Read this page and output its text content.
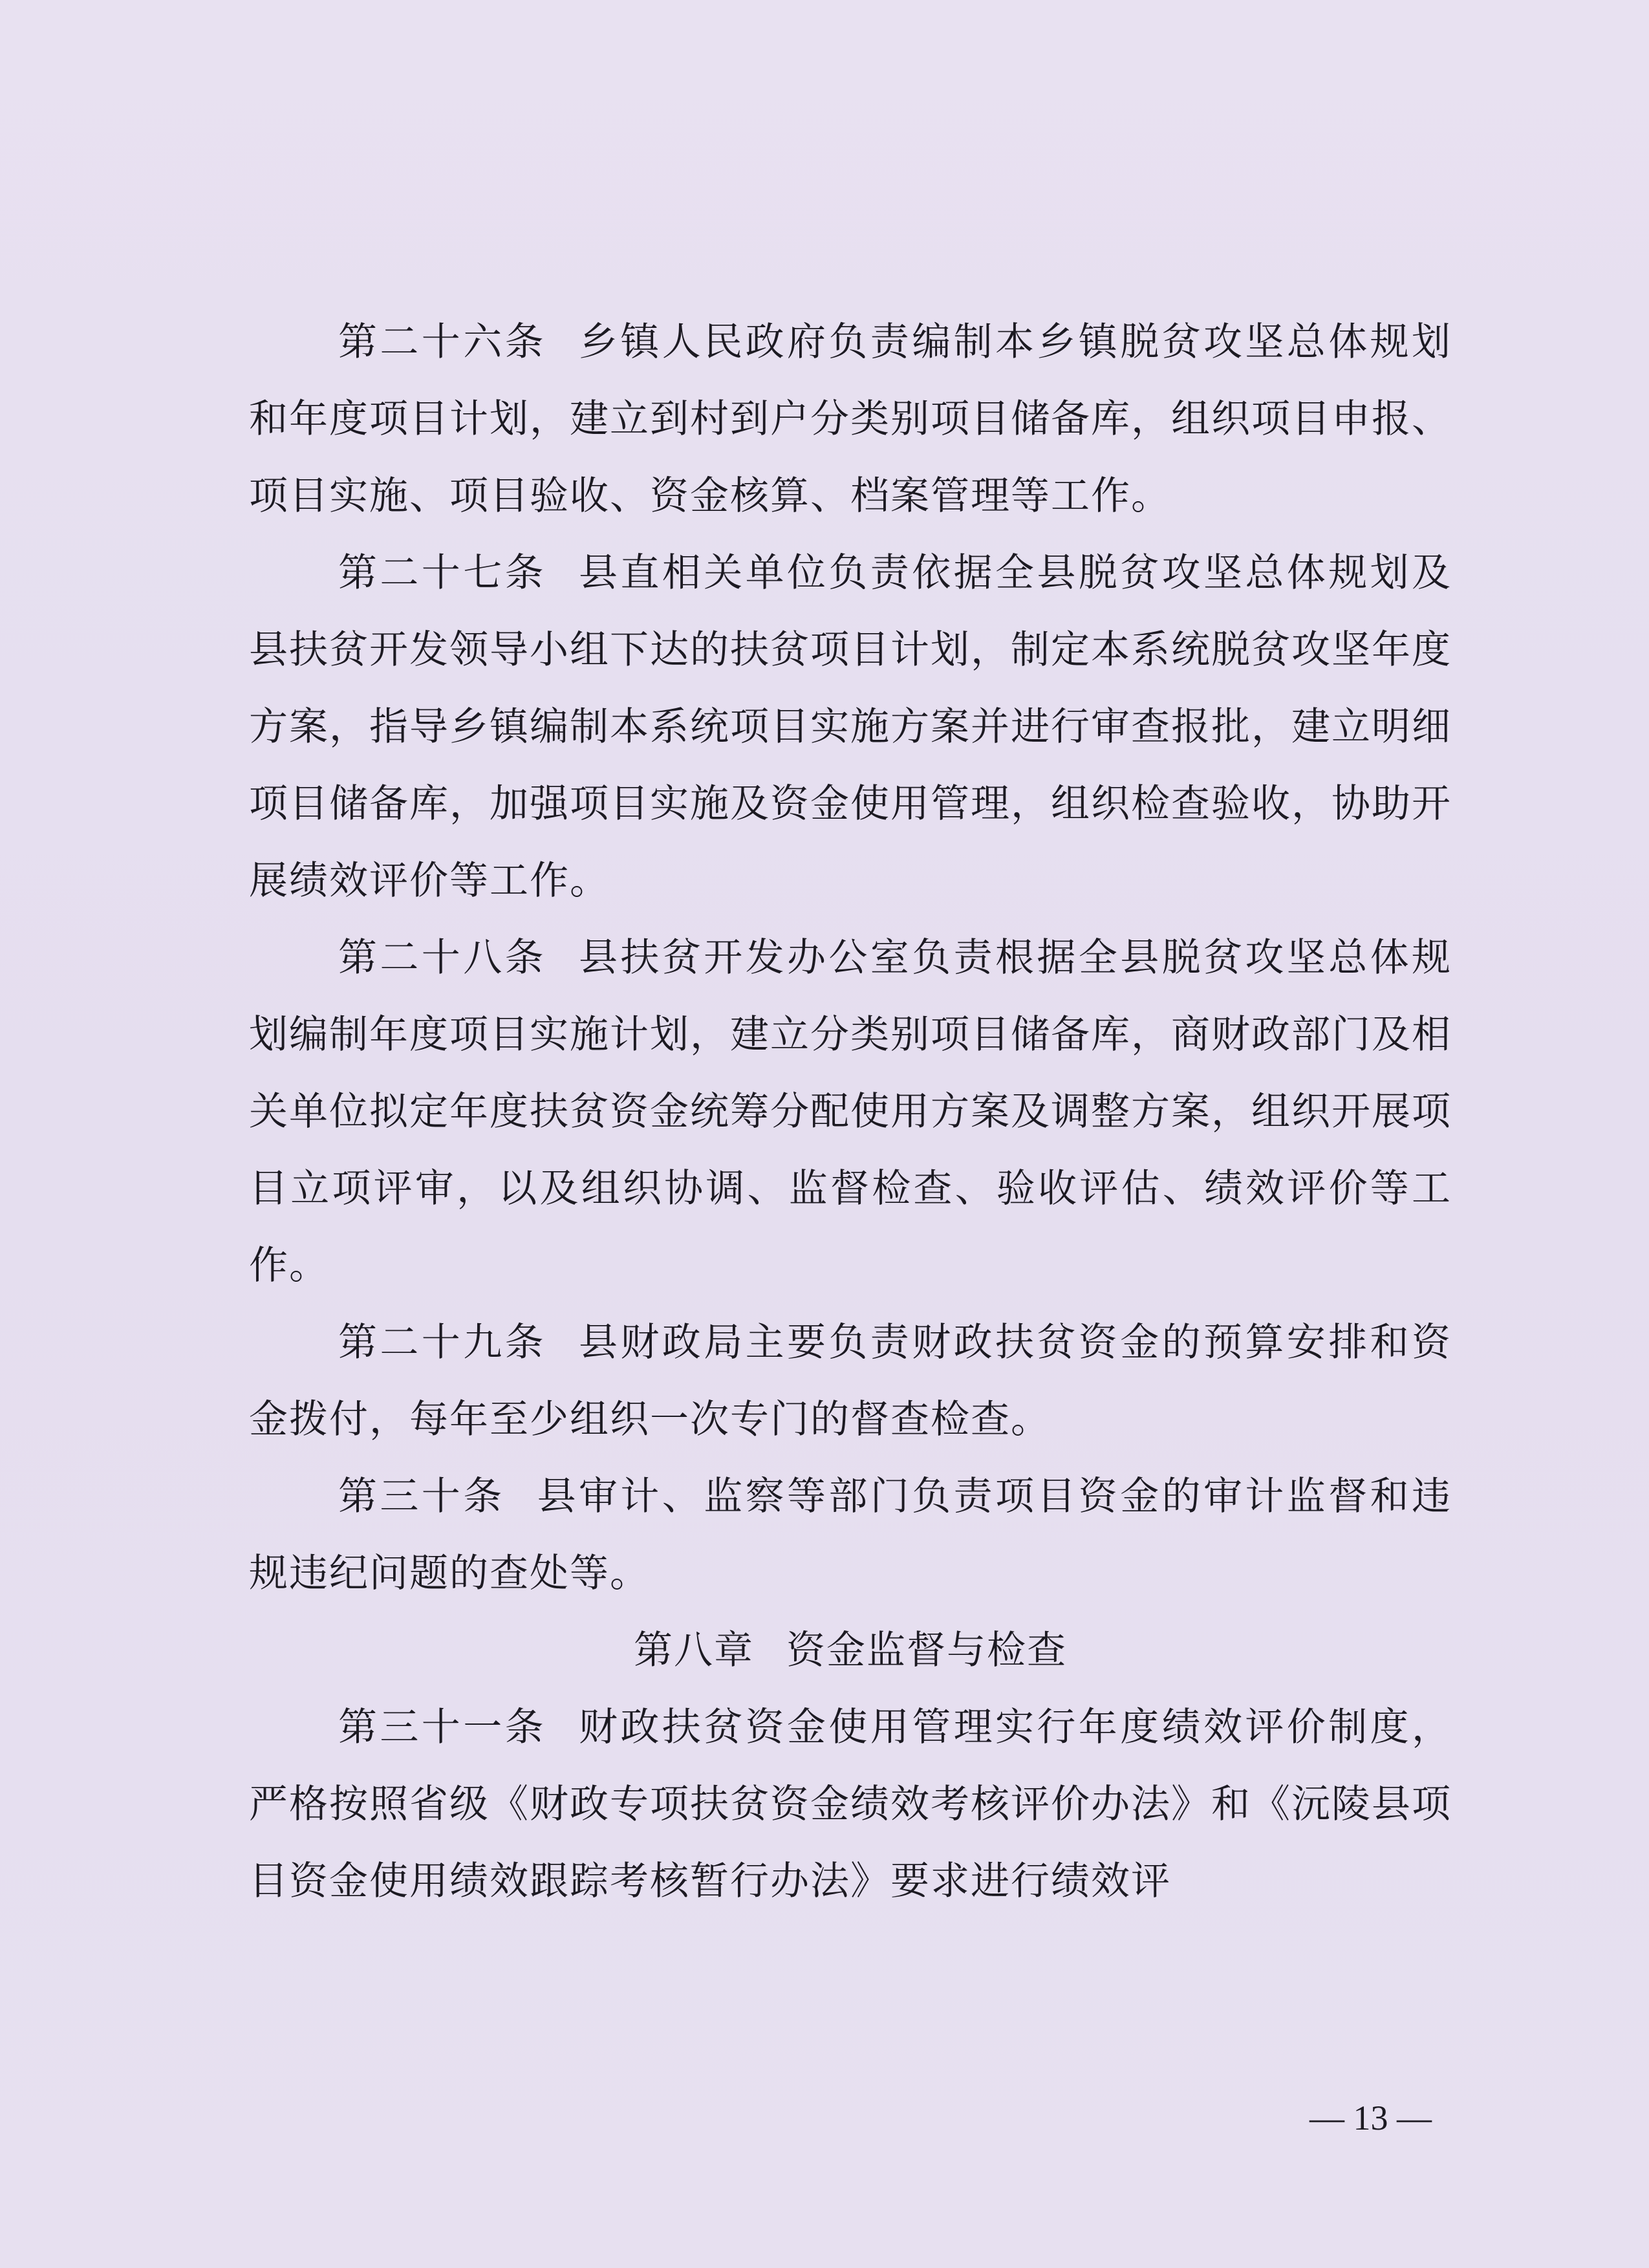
第二十六条 乡镇人民政府负责编制本乡镇脱贫攻坚总体规划和年度项目计划，建立到村到户分类别项目储备库，组织项目申报、项目实施、项目验收、资金核算、档案管理等工作。

第二十七条 县直相关单位负责依据全县脱贫攻坚总体规划及县扶贫开发领导小组下达的扶贫项目计划，制定本系统脱贫攻坚年度方案，指导乡镇编制本系统项目实施方案并进行审查报批，建立明细项目储备库，加强项目实施及资金使用管理，组织检查验收，协助开展绩效评价等工作。

第二十八条 县扶贫开发办公室负责根据全县脱贫攻坚总体规划编制年度项目实施计划，建立分类别项目储备库，商财政部门及相关单位拟定年度扶贫资金统筹分配使用方案及调整方案，组织开展项目立项评审，以及组织协调、监督检查、验收评估、绩效评价等工作。

第二十九条 县财政局主要负责财政扶贫资金的预算安排和资金拨付，每年至少组织一次专门的督查检查。

第三十条 县审计、监察等部门负责项目资金的审计监督和违规违纪问题的查处等。

第八章 资金监督与检查

第三十一条 财政扶贫资金使用管理实行年度绩效评价制度，严格按照省级《财政专项扶贫资金绩效考核评价办法》和《沅陵县项目资金使用绩效跟踪考核暂行办法》要求进行绩效评

— 13 —
